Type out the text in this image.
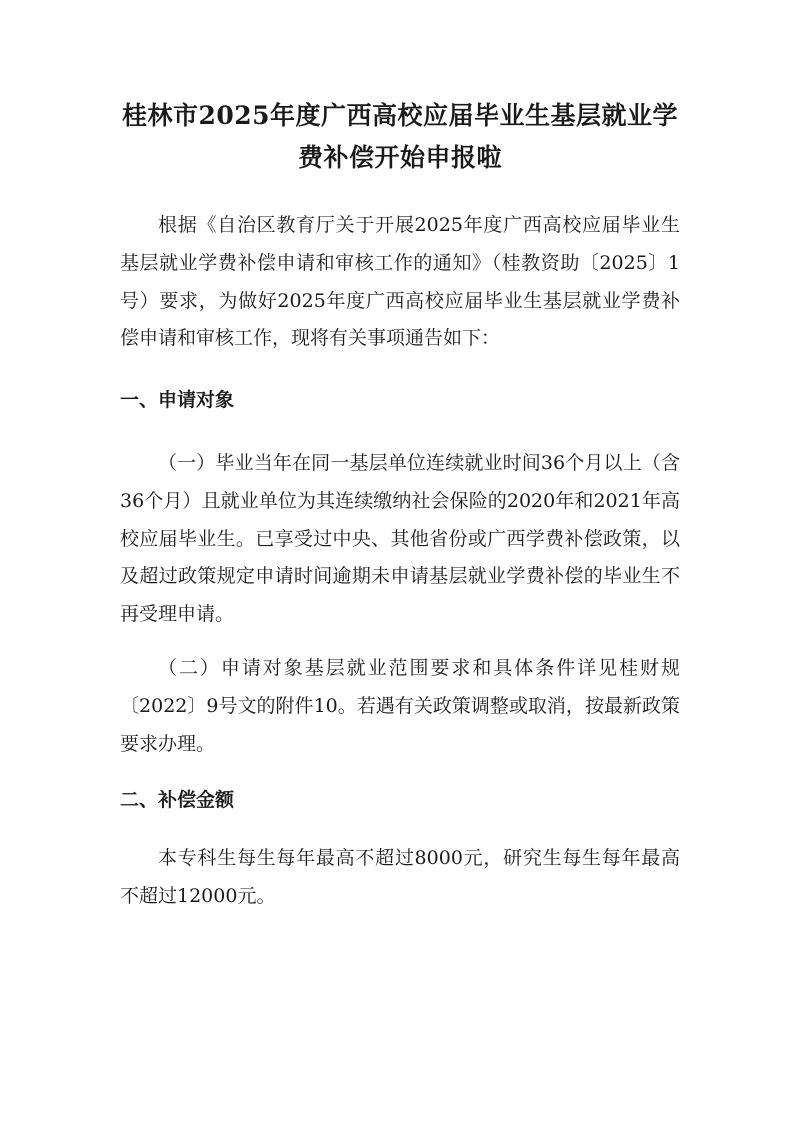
桂林市2025年度广西高校应届毕业生基层就业学费补偿开始申报啦

根据《自治区教育厅关于开展2025年度广西高校应届毕业生基层就业学费补偿申请和审核工作的通知》（桂教资助〔2025〕1号）要求，为做好2025年度广西高校应届毕业生基层就业学费补偿申请和审核工作，现将有关事项通告如下：

一、申请对象

（一）毕业当年在同一基层单位连续就业时间36个月以上（含36个月）且就业单位为其连续缴纳社会保险的2020年和2021年高校应届毕业生。已享受过中央、其他省份或广西学费补偿政策，以及超过政策规定申请时间逾期未申请基层就业学费补偿的毕业生不再受理申请。

（二）申请对象基层就业范围要求和具体条件详见桂财规〔2022〕9号文的附件10。若遇有关政策调整或取消，按最新政策要求办理。

二、补偿金额

本专科生每生每年最高不超过8000元，研究生每生每年最高不超过12000元。
